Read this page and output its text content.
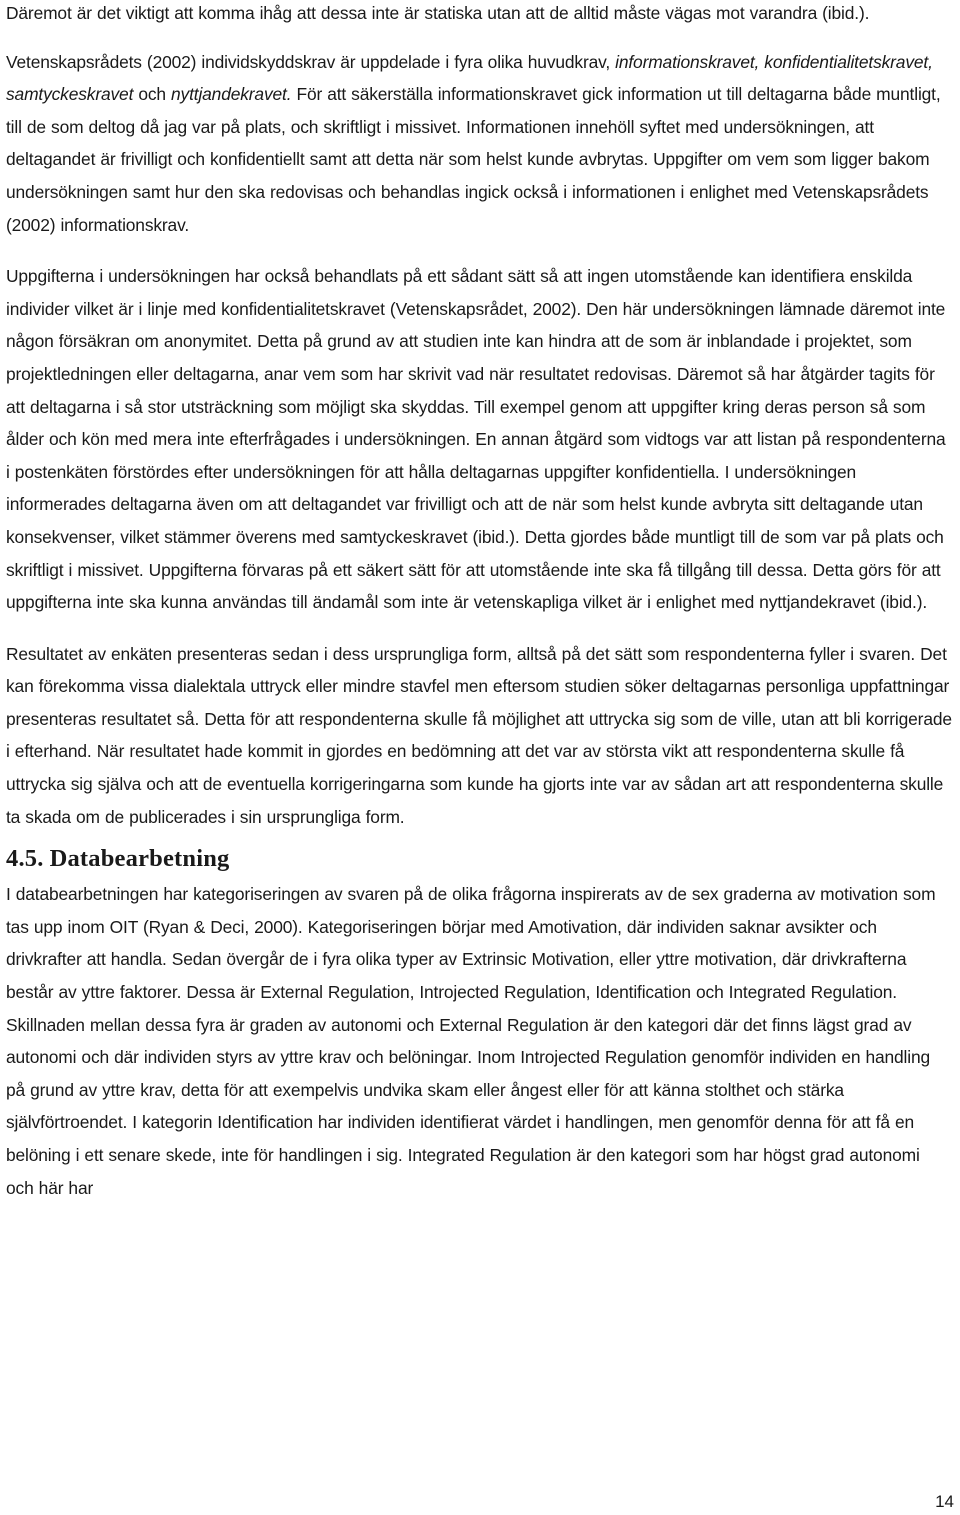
Däremot är det viktigt att komma ihåg att dessa inte är statiska utan att de alltid måste vägas mot varandra (ibid.).

Vetenskapsrådets (2002) individskyddskrav är uppdelade i fyra olika huvudkrav, informationskravet, konfidentialitetskravet, samtyckeskravet och nyttjandekravet. För att säkerställa informationskravet gick information ut till deltagarna både muntligt, till de som deltog då jag var på plats, och skriftligt i missivet. Informationen innehöll syftet med undersökningen, att deltagandet är frivilligt och konfidentiellt samt att detta när som helst kunde avbrytas. Uppgifter om vem som ligger bakom undersökningen samt hur den ska redovisas och behandlas ingick också i informationen i enlighet med Vetenskapsrådets (2002) informationskrav.

Uppgifterna i undersökningen har också behandlats på ett sådant sätt så att ingen utomstående kan identifiera enskilda individer vilket är i linje med konfidentialitetskravet (Vetenskapsrådet, 2002). Den här undersökningen lämnade däremot inte någon försäkran om anonymitet. Detta på grund av att studien inte kan hindra att de som är inblandade i projektet, som projektledningen eller deltagarna, anar vem som har skrivit vad när resultatet redovisas. Däremot så har åtgärder tagits för att deltagarna i så stor utsträckning som möjligt ska skyddas. Till exempel genom att uppgifter kring deras person så som ålder och kön med mera inte efterfrågades i undersökningen. En annan åtgärd som vidtogs var att listan på respondenterna i postenkäten förstördes efter undersökningen för att hålla deltagarnas uppgifter konfidentiella. I undersökningen informerades deltagarna även om att deltagandet var frivilligt och att de när som helst kunde avbryta sitt deltagande utan konsekvenser, vilket stämmer överens med samtyckeskravet (ibid.). Detta gjordes både muntligt till de som var på plats och skriftligt i missivet. Uppgifterna förvaras på ett säkert sätt för att utomstående inte ska få tillgång till dessa. Detta görs för att uppgifterna inte ska kunna användas till ändamål som inte är vetenskapliga vilket är i enlighet med nyttjandekravet (ibid.).

Resultatet av enkäten presenteras sedan i dess ursprungliga form, alltså på det sätt som respondenterna fyller i svaren. Det kan förekomma vissa dialektala uttryck eller mindre stavfel men eftersom studien söker deltagarnas personliga uppfattningar presenteras resultatet så. Detta för att respondenterna skulle få möjlighet att uttrycka sig som de ville, utan att bli korrigerade i efterhand. När resultatet hade kommit in gjordes en bedömning att det var av största vikt att respondenterna skulle få uttrycka sig själva och att de eventuella korrigeringarna som kunde ha gjorts inte var av sådan art att respondenterna skulle ta skada om de publicerades i sin ursprungliga form.

4.5. Databearbetning

I databearbetningen har kategoriseringen av svaren på de olika frågorna inspirerats av de sex graderna av motivation som tas upp inom OIT (Ryan & Deci, 2000). Kategoriseringen börjar med Amotivation, där individen saknar avsikter och drivkrafter att handla. Sedan övergår de i fyra olika typer av Extrinsic Motivation, eller yttre motivation, där drivkrafterna består av yttre faktorer. Dessa är External Regulation, Introjected Regulation, Identification och Integrated Regulation. Skillnaden mellan dessa fyra är graden av autonomi och External Regulation är den kategori där det finns lägst grad av autonomi och där individen styrs av yttre krav och belöningar. Inom Introjected Regulation genomför individen en handling på grund av yttre krav, detta för att exempelvis undvika skam eller ångest eller för att känna stolthet och stärka självförtroendet. I kategorin Identification har individen identifierat värdet i handlingen, men genomför denna för att få en belöning i ett senare skede, inte för handlingen i sig. Integrated Regulation är den kategori som har högst grad autonomi och här har

14
